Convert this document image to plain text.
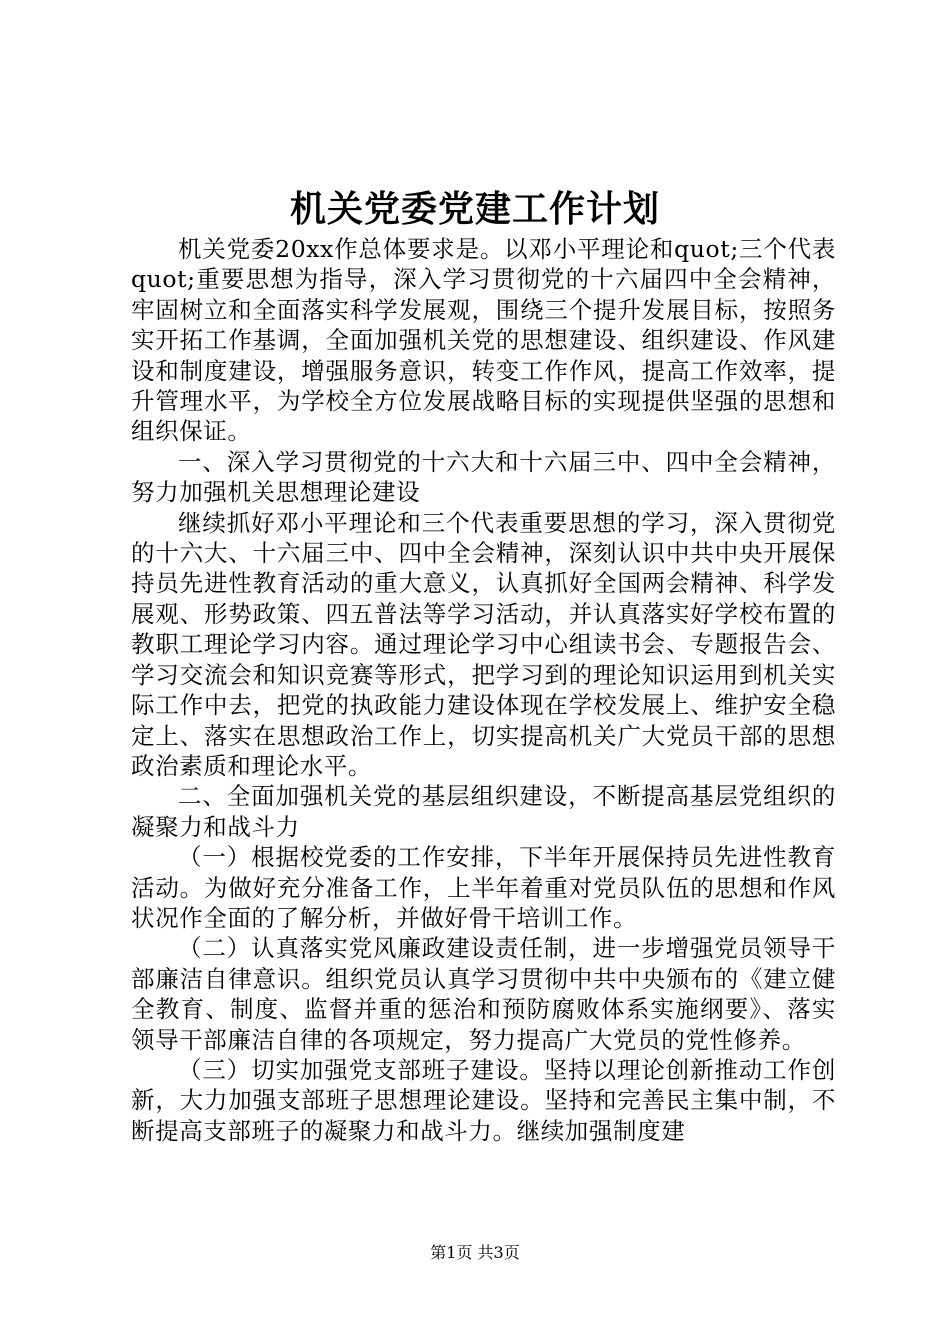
机关党委党建工作计划

机关党委20xx作总体要求是。以邓小平理论和quot;三个代表quot;重要思想为指导，深入学习贯彻党的十六届四中全会精神，牢固树立和全面落实科学发展观，围绕三个提升发展目标，按照务实开拓工作基调，全面加强机关党的思想建设、组织建设、作风建设和制度建设，增强服务意识，转变工作作风，提高工作效率，提升管理水平，为学校全方位发展战略目标的实现提供坚强的思想和组织保证。

一、深入学习贯彻党的十六大和十六届三中、四中全会精神，努力加强机关思想理论建设

继续抓好邓小平理论和三个代表重要思想的学习，深入贯彻党的十六大、十六届三中、四中全会精神，深刻认识中共中央开展保持员先进性教育活动的重大意义，认真抓好全国两会精神、科学发展观、形势政策、四五普法等学习活动，并认真落实好学校布置的教职工理论学习内容。通过理论学习中心组读书会、专题报告会、学习交流会和知识竞赛等形式，把学习到的理论知识运用到机关实际工作中去，把党的执政能力建设体现在学校发展上、维护安全稳定上、落实在思想政治工作上，切实提高机关广大党员干部的思想政治素质和理论水平。

二、全面加强机关党的基层组织建设，不断提高基层党组织的凝聚力和战斗力

（一）根据校党委的工作安排，下半年开展保持员先进性教育活动。为做好充分准备工作，上半年着重对党员队伍的思想和作风状况作全面的了解分析，并做好骨干培训工作。

（二）认真落实党风廉政建设责任制，进一步增强党员领导干部廉洁自律意识。组织党员认真学习贯彻中共中央颁布的《建立健全教育、制度、监督并重的惩治和预防腐败体系实施纲要》、落实领导干部廉洁自律的各项规定，努力提高广大党员的党性修养。

（三）切实加强党支部班子建设。坚持以理论创新推动工作创新，大力加强支部班子思想理论建设。坚持和完善民主集中制，不断提高支部班子的凝聚力和战斗力。继续加强制度建

第1页 共3页
